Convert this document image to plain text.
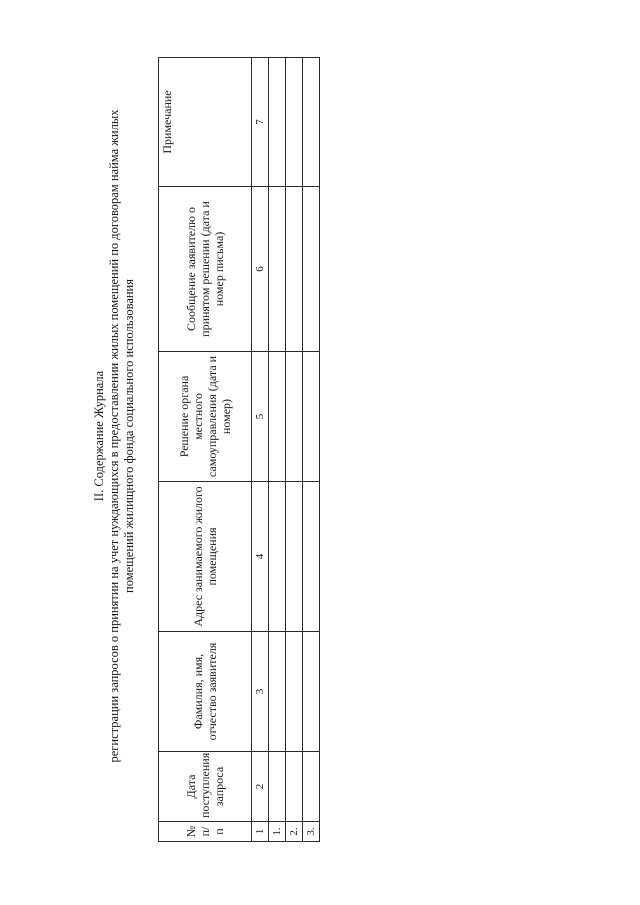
II. Содержание Журнала регистрации запросов о принятии на учет нуждающихся в предоставлении жилых помещений по договорам найма жилых помещений жилищного фонда социального использования
№ п/п	Дата поступления запроса	Фамилия, имя, отчество заявителя	Адрес занимаемого жилого помещения	Решение органа местного самоуправления (дата и номер)	Сообщение заявителю о принятом решении (дата и номер письма)	Примечание
1	2	3	4	5	6	7
1.						
2.						
3.						
